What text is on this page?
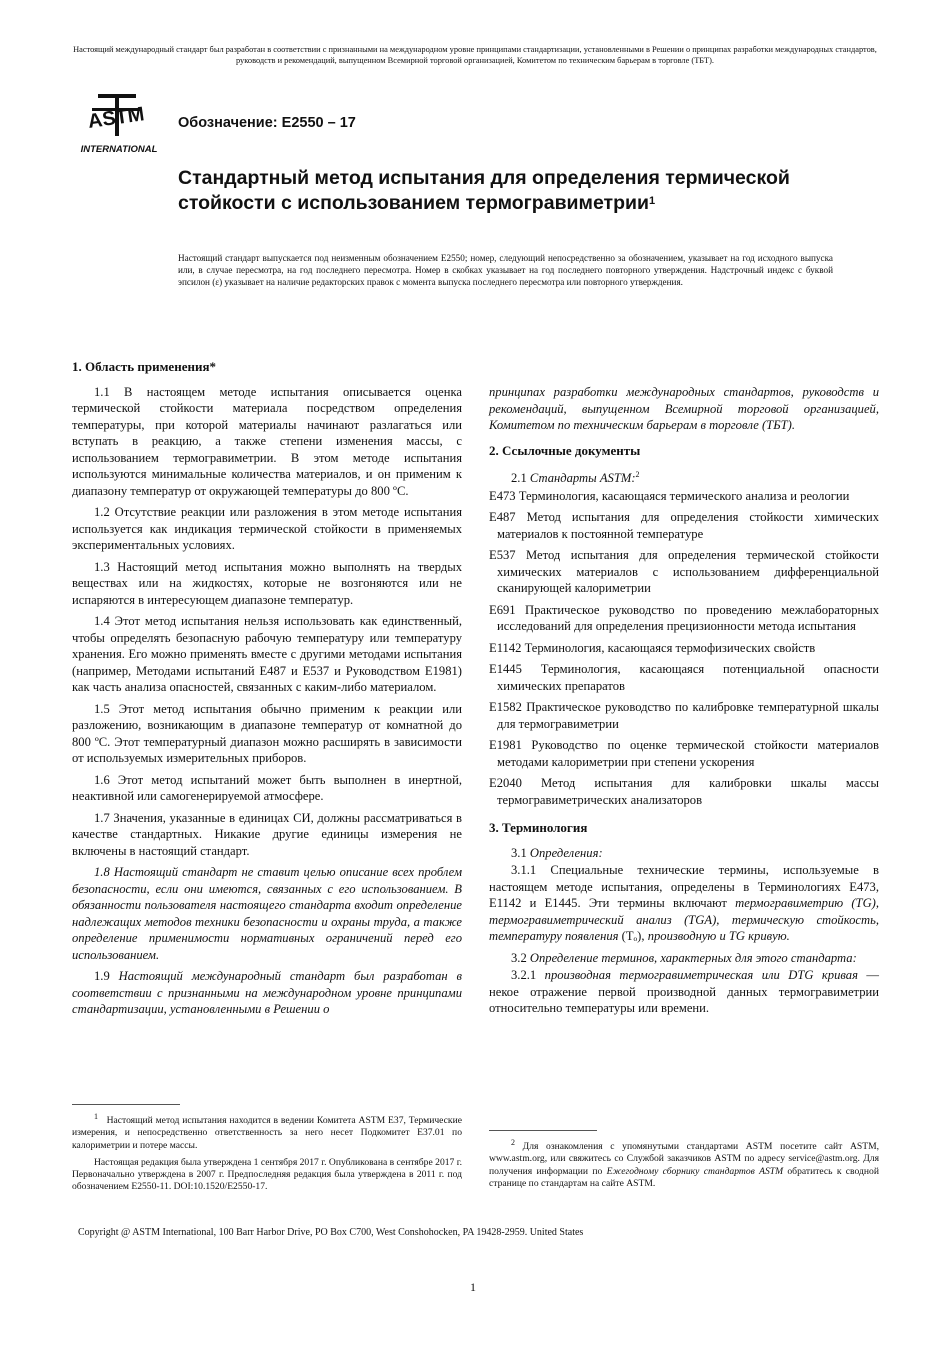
Настоящий международный стандарт был разработан в соответствии с признанными на международном уровне принципами стандартизации, установленными в Решении о принципах разработки международных стандартов, руководств и рекомендаций, выпущенном Всемирной торговой организацией, Комитетом по техническим барьерам в торговле (ТБТ).
ASTM
INTERNATIONAL
Обозначение: E2550 – 17
Стандартный метод испытания для определения термической стойкости с использованием термогравиметрии$^1$
Настоящий стандарт выпускается под неизменным обозначением E2550; номер, следующий непосредственно за обозначением, указывает на год исходного выпуска или, в случае пересмотра, на год последнего пересмотра. Номер в скобках указывает на год последнего повторного утверждения. Надстрочный индекс с буквой эпсилон (ε) указывает на наличие редакторских правок с момента выпуска последнего пересмотра или повторного утверждения.
1. Область применения*

1.1 В настоящем методе испытания описывается оценка термической стойкости материала посредством определения температуры, при которой материалы начинают разлагаться или вступать в реакцию, а также степени изменения массы, с использованием термогравиметрии. В этом методе испытания используются минимальные количества материалов, и он применим к диапазону температур от окружающей температуры до 800 ºС.

1.2 Отсутствие реакции или разложения в этом методе испытания используется как индикация термической стойкости в применяемых экспериментальных условиях.

1.3 Настоящий метод испытания можно выполнять на твердых веществах или на жидкостях, которые не возгоняются или не испаряются в интересующем диапазоне температур.

1.4 Этот метод испытания нельзя использовать как единственный, чтобы определять безопасную рабочую температуру или температуру хранения. Его можно применять вместе с другими методами испытания (например, Методами испытаний E487 и E537 и Руководством E1981) как часть анализа опасностей, связанных с каким-либо материалом.

1.5 Этот метод испытания обычно применим к реакции или разложению, возникающим в диапазоне температур от комнатной до 800 ºС. Этот температурный диапазон можно расширять в зависимости от используемых измерительных приборов.

1.6 Этот метод испытаний может быть выполнен в инертной, неактивной или самогенерируемой атмосфере.

1.7 Значения, указанные в единицах СИ, должны рассматриваться в качестве стандартных. Никакие другие единицы измерения не включены в настоящий стандарт.

1.8 Настоящий стандарт не ставит целью описание всех проблем безопасности, если они имеются, связанных с его использованием. В обязанности пользователя настоящего стандарта входит определение надлежащих методов техники безопасности и охраны труда, а также определение применимости нормативных ограничений перед его использованием.

1.9 Настоящий международный стандарт был разработан в соответствии с признанными на международном уровне принципами стандартизации, установленными в Решении о

$^1$ Настоящий метод испытания находится в ведении Комитета ASTM E37, Термические измерения, и непосредственно ответственность за него несет Подкомитет E37.01 по калориметрии и потере массы.

Настоящая редакция была утверждена 1 сентября 2017 г. Опубликована в сентябре 2017 г. Первоначально утверждена в 2007 г. Предпоследняя редакция была утверждена в 2011 г. под обозначением E2550-11. DOI:10.1520/E2550-17.

принципах разработки международных стандартов, руководств и рекомендаций, выпущенном Всемирной торговой организацией, Комитетом по техническим барьерам в торговле (ТБТ).

2. Ссылочные документы

2.1 Стандарты ASTM:$^2$

E473 Терминология, касающаяся термического анализа и реологии

E487 Метод испытания для определения стойкости химических материалов к постоянной температуре

E537 Метод испытания для определения термической стойкости химических материалов с использованием дифференциальной сканирующей калориметрии

E691 Практическое руководство по проведению межлабораторных исследований для определения прецизионности метода испытания

E1142 Терминология, касающаяся термофизических свойств

E1445 Терминология, касающаяся потенциальной опасности химических препаратов

E1582 Практическое руководство по калибровке температурной шкалы для термогравиметрии

E1981 Руководство по оценке термической стойкости материалов методами калориметрии при степени ускорения

E2040 Метод испытания для калибровки шкалы массы термогравиметрических анализаторов

3. Терминология

3.1 Определения:

3.1.1 Специальные технические термины, используемые в настоящем методе испытания, определены в Терминологиях E473, E1142 и E1445. Эти термины включают термогравиметрию (TG), термогравиметрический анализ (TGA), термическую стойкость, температуру появления (Tₒ), производную и TG кривую.

3.2 Определение терминов, характерных для этого стандарта:

3.2.1 производная термогравиметрическая или DTG кривая — некое отражение первой производной данных термогравиметрии относительно температуры или времени.

$^2$ Для ознакомления с упомянутыми стандартами ASTM посетите сайт ASTM, www.astm.org, или свяжитесь со Службой заказчиков ASTM по адресу service@astm.org. Для получения информации по Ежегодному сборнику стандартов ASTM обратитесь к сводной странице по стандартам на сайте ASTM.

Copyright @ ASTM International, 100 Barr Harbor Drive, PO Box C700, West Conshohocken, PA 19428-2959. United States
1
